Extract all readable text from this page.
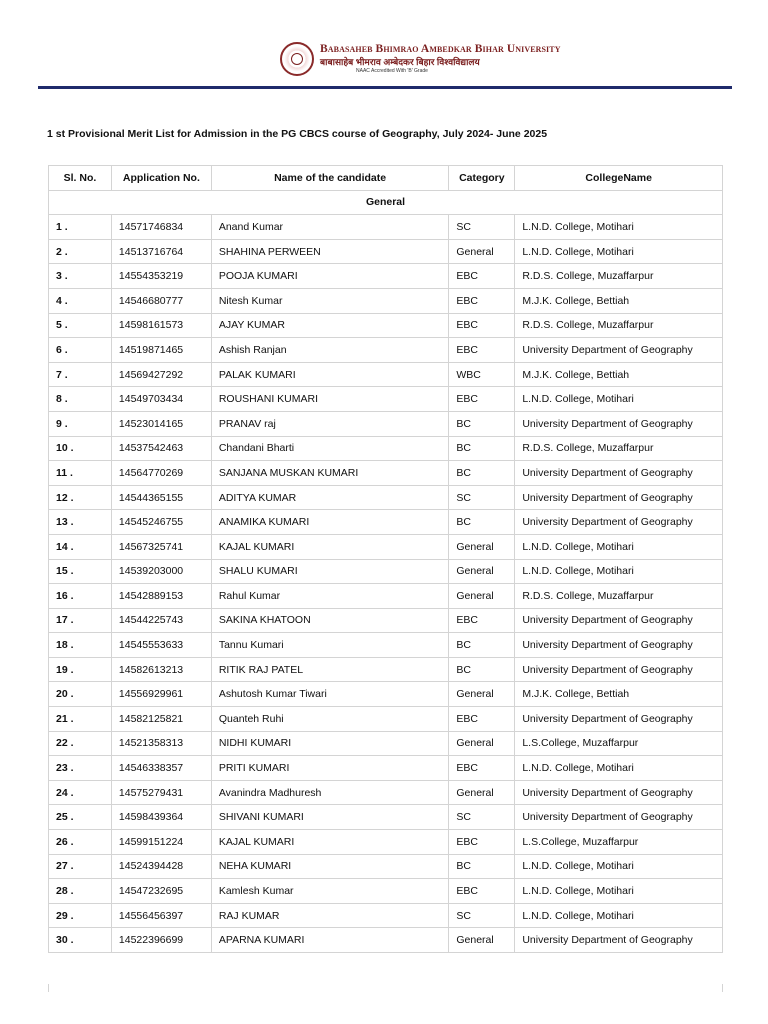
Babasaheb Bhimrao Ambedkar Bihar University
बाबासाहेब भीमराव अम्बेदकर बिहार विश्वविद्यालय
NAAC Accredited With 'B' Grade
1 st Provisional Merit List for Admission in the PG CBCS course of Geography, July 2024- June 2025
Sl. No.	Application No.	Name of the candidate	Category	CollegeName
General				
1 .	14571746834	Anand Kumar	SC	L.N.D. College, Motihari
2 .	14513716764	SHAHINA PERWEEN	General	L.N.D. College, Motihari
3 .	14554353219	POOJA KUMARI	EBC	R.D.S. College, Muzaffarpur
4 .	14546680777	Nitesh Kumar	EBC	M.J.K. College, Bettiah
5 .	14598161573	AJAY KUMAR	EBC	R.D.S. College, Muzaffarpur
6 .	14519871465	Ashish Ranjan	EBC	University Department of Geography
7 .	14569427292	PALAK KUMARI	WBC	M.J.K. College, Bettiah
8 .	14549703434	ROUSHANI KUMARI	EBC	L.N.D. College, Motihari
9 .	14523014165	PRANAV raj	BC	University Department of Geography
10 .	14537542463	Chandani Bharti	BC	R.D.S. College, Muzaffarpur
11 .	14564770269	SANJANA MUSKAN KUMARI	BC	University Department of Geography
12 .	14544365155	ADITYA KUMAR	SC	University Department of Geography
13 .	14545246755	ANAMIKA KUMARI	BC	University Department of Geography
14 .	14567325741	KAJAL KUMARI	General	L.N.D. College, Motihari
15 .	14539203000	SHALU KUMARI	General	L.N.D. College, Motihari
16 .	14542889153	Rahul Kumar	General	R.D.S. College, Muzaffarpur
17 .	14544225743	SAKINA KHATOON	EBC	University Department of Geography
18 .	14545553633	Tannu Kumari	BC	University Department of Geography
19 .	14582613213	RITIK RAJ PATEL	BC	University Department of Geography
20 .	14556929961	Ashutosh Kumar Tiwari	General	M.J.K. College, Bettiah
21 .	14582125821	Quanteh Ruhi	EBC	University Department of Geography
22 .	14521358313	NIDHI KUMARI	General	L.S.College, Muzaffarpur
23 .	14546338357	PRITI KUMARI	EBC	L.N.D. College, Motihari
24 .	14575279431	Avanindra Madhuresh	General	University Department of Geography
25 .	14598439364	SHIVANI KUMARI	SC	University Department of Geography
26 .	14599151224	KAJAL KUMARI	EBC	L.S.College, Muzaffarpur
27 .	14524394428	NEHA KUMARI	BC	L.N.D. College, Motihari
28 .	14547232695	Kamlesh Kumar	EBC	L.N.D. College, Motihari
29 .	14556456397	RAJ KUMAR	SC	L.N.D. College, Motihari
30 .	14522396699	APARNA KUMARI	General	University Department of Geography
